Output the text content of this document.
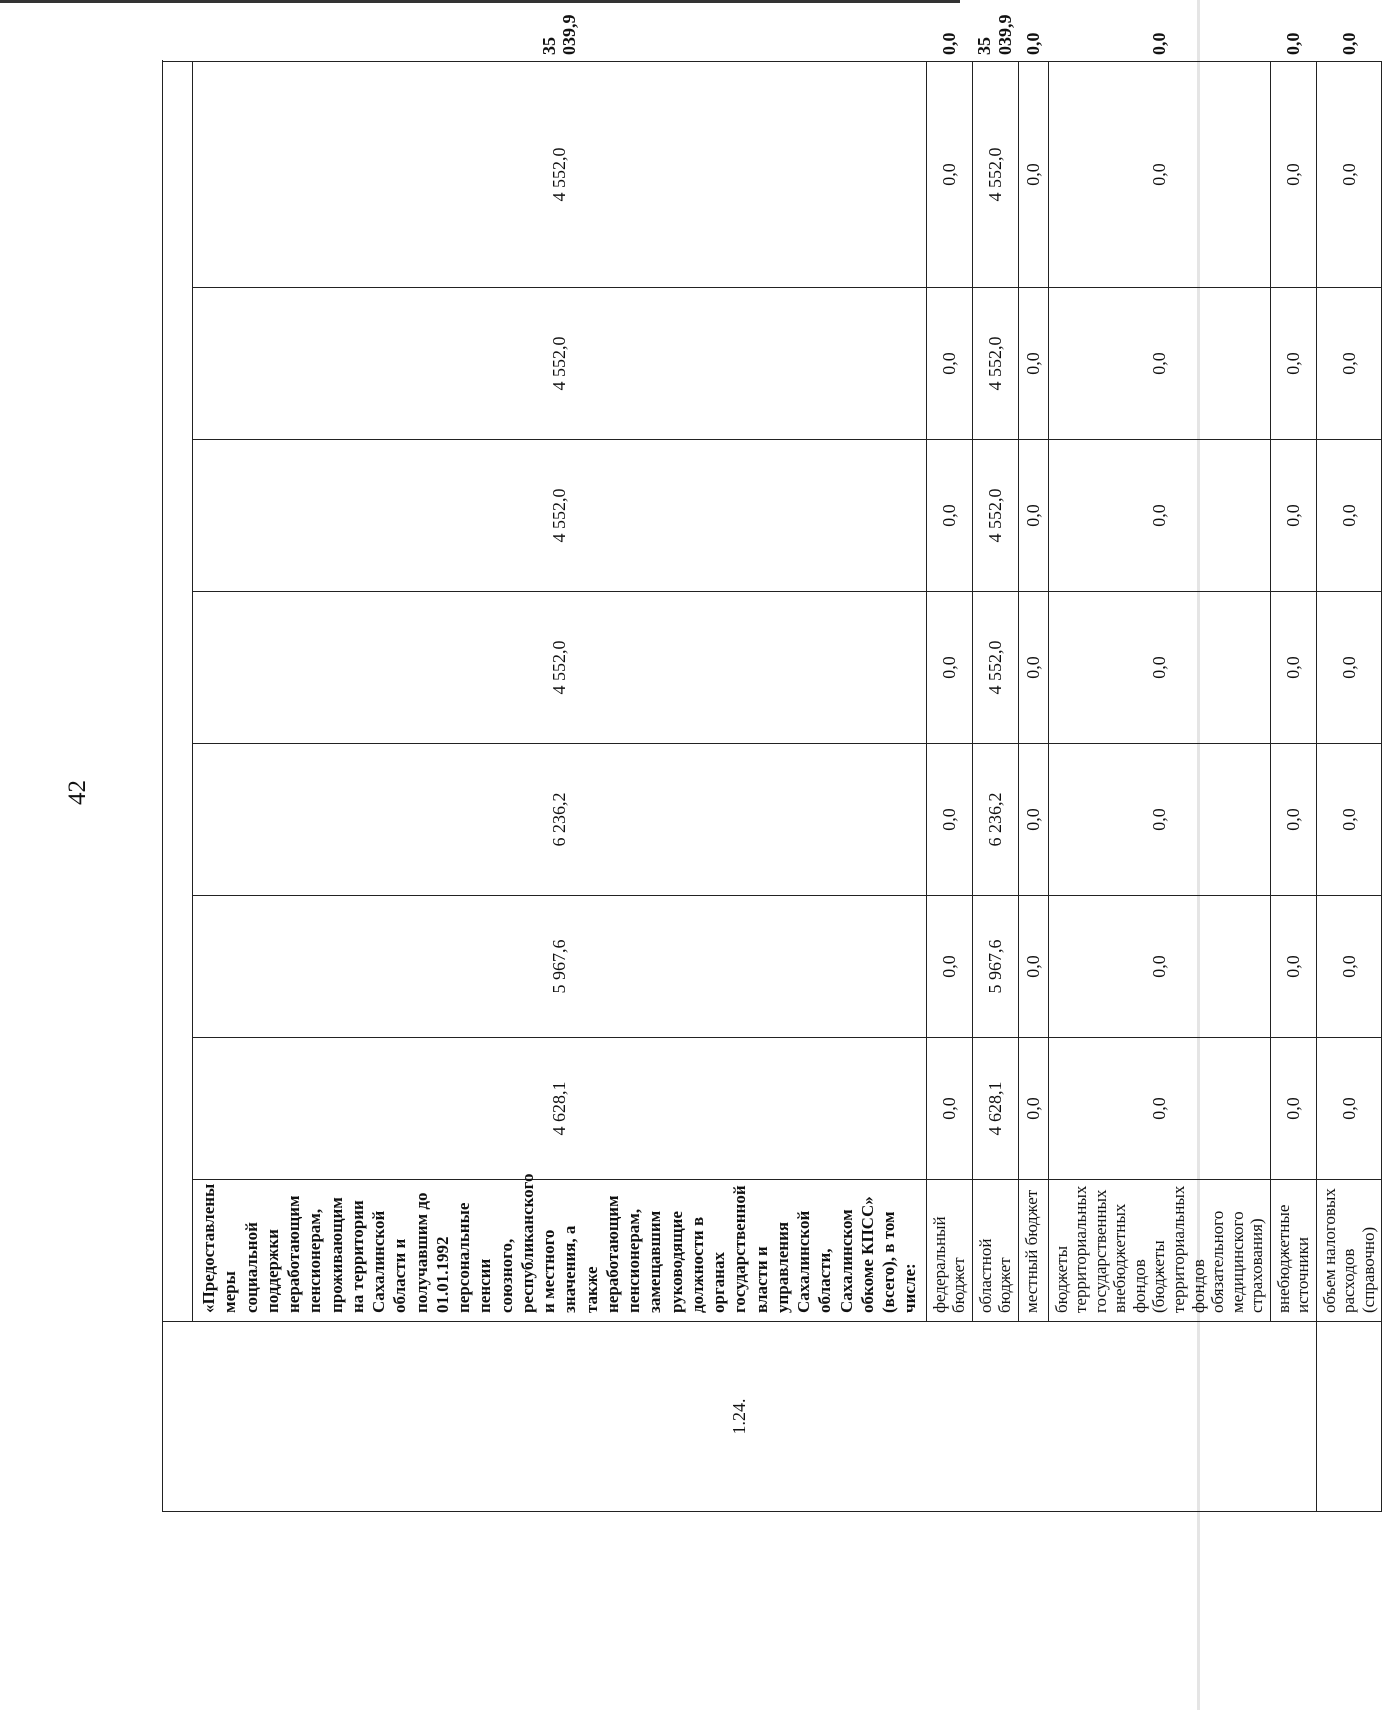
42
1.24.									
	«Предоставлены меры социальной поддержки неработающим пенсионерам, проживающим на территории Сахалинской области и получавшим до 01.01.1992 персональные пенсии союзного, республиканского и местного значения, а также неработающим пенсионерам, замещавшим руководящие должности в органах государственной власти и управления Сахалинской области, Сахалинском обкоме КПСС» (всего), в том числе:	4 628,1	5 967,6	6 236,2	4 552,0	4 552,0	4 552,0	4 552,0	35 039,9
	федеральный бюджет	0,0	0,0	0,0	0,0	0,0	0,0	0,0	0,0
	областной бюджет	4 628,1	5 967,6	6 236,2	4 552,0	4 552,0	4 552,0	4 552,0	35 039,9
	местный бюджет	0,0	0,0	0,0	0,0	0,0	0,0	0,0	0,0
	бюджеты территориальных государственных внебюджетных фондов (бюджеты территориальных фондов обязательного медицинского страхования)	0,0	0,0	0,0	0,0	0,0	0,0	0,0	0,0
	внебюджетные источники	0,0	0,0	0,0	0,0	0,0	0,0	0,0	0,0
	объем налоговых расходов (справочно)	0,0	0,0	0,0	0,0	0,0	0,0	0,0	0,0
